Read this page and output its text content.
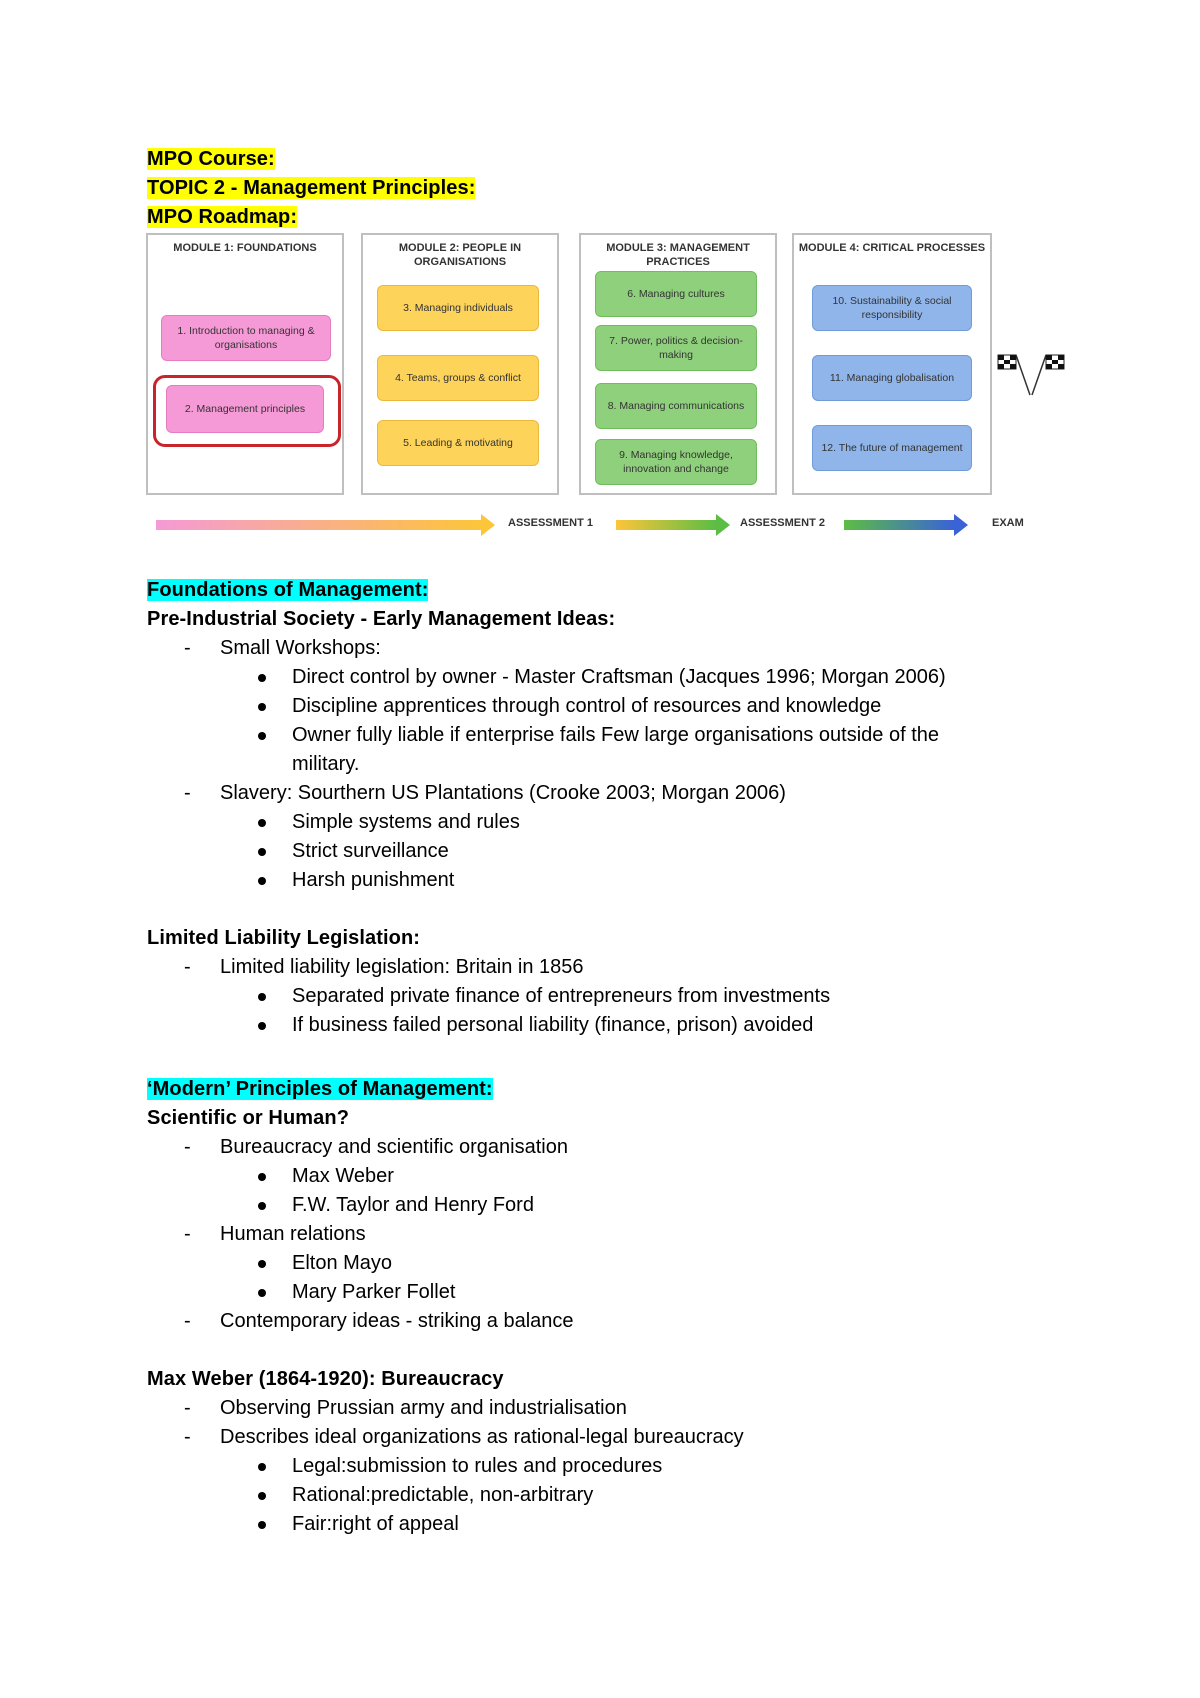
MPO Course:
TOPIC 2 - Management Principles:
MPO Roadmap:
MODULE 1: FOUNDATIONS
1. Introduction to managing & organisations
2. Management principles
MODULE 2: PEOPLE IN ORGANISATIONS
3. Managing individuals
4. Teams, groups & conflict
5. Leading & motivating
MODULE 3: MANAGEMENT PRACTICES
6. Managing cultures
7. Power, politics & decision-making
8. Managing communications
9. Managing knowledge, innovation and change
MODULE 4: CRITICAL PROCESSES
10. Sustainability & social responsibility
11. Managing globalisation
12. The future of management
ASSESSMENT 1	ASSESSMENT 2	EXAM
Foundations of Management:
Pre-Industrial Society - Early Management Ideas:
- Small Workshops:
Direct control by owner - Master Craftsman (Jacques 1996; Morgan 2006)
Discipline apprentices through control of resources and knowledge
Owner fully liable if enterprise fails Few large organisations outside of the
military.
- Slavery: Sourthern US Plantations (Crooke 2003; Morgan 2006)
Simple systems and rules
Strict surveillance
Harsh punishment
Limited Liability Legislation:
- Limited liability legislation: Britain in 1856
Separated private finance of entrepreneurs from investments
If business failed personal liability (finance, prison) avoided
‘Modern’ Principles of Management:
Scientific or Human?
- Bureaucracy and scientific organisation
Max Weber
F.W. Taylor and Henry Ford
- Human relations
Elton Mayo
Mary Parker Follet
- Contemporary ideas - striking a balance
Max Weber (1864-1920): Bureaucracy
- Observing Prussian army and industrialisation
- Describes ideal organizations as rational-legal bureaucracy
Legal:submission to rules and procedures
Rational:predictable, non-arbitrary
Fair:right of appeal
